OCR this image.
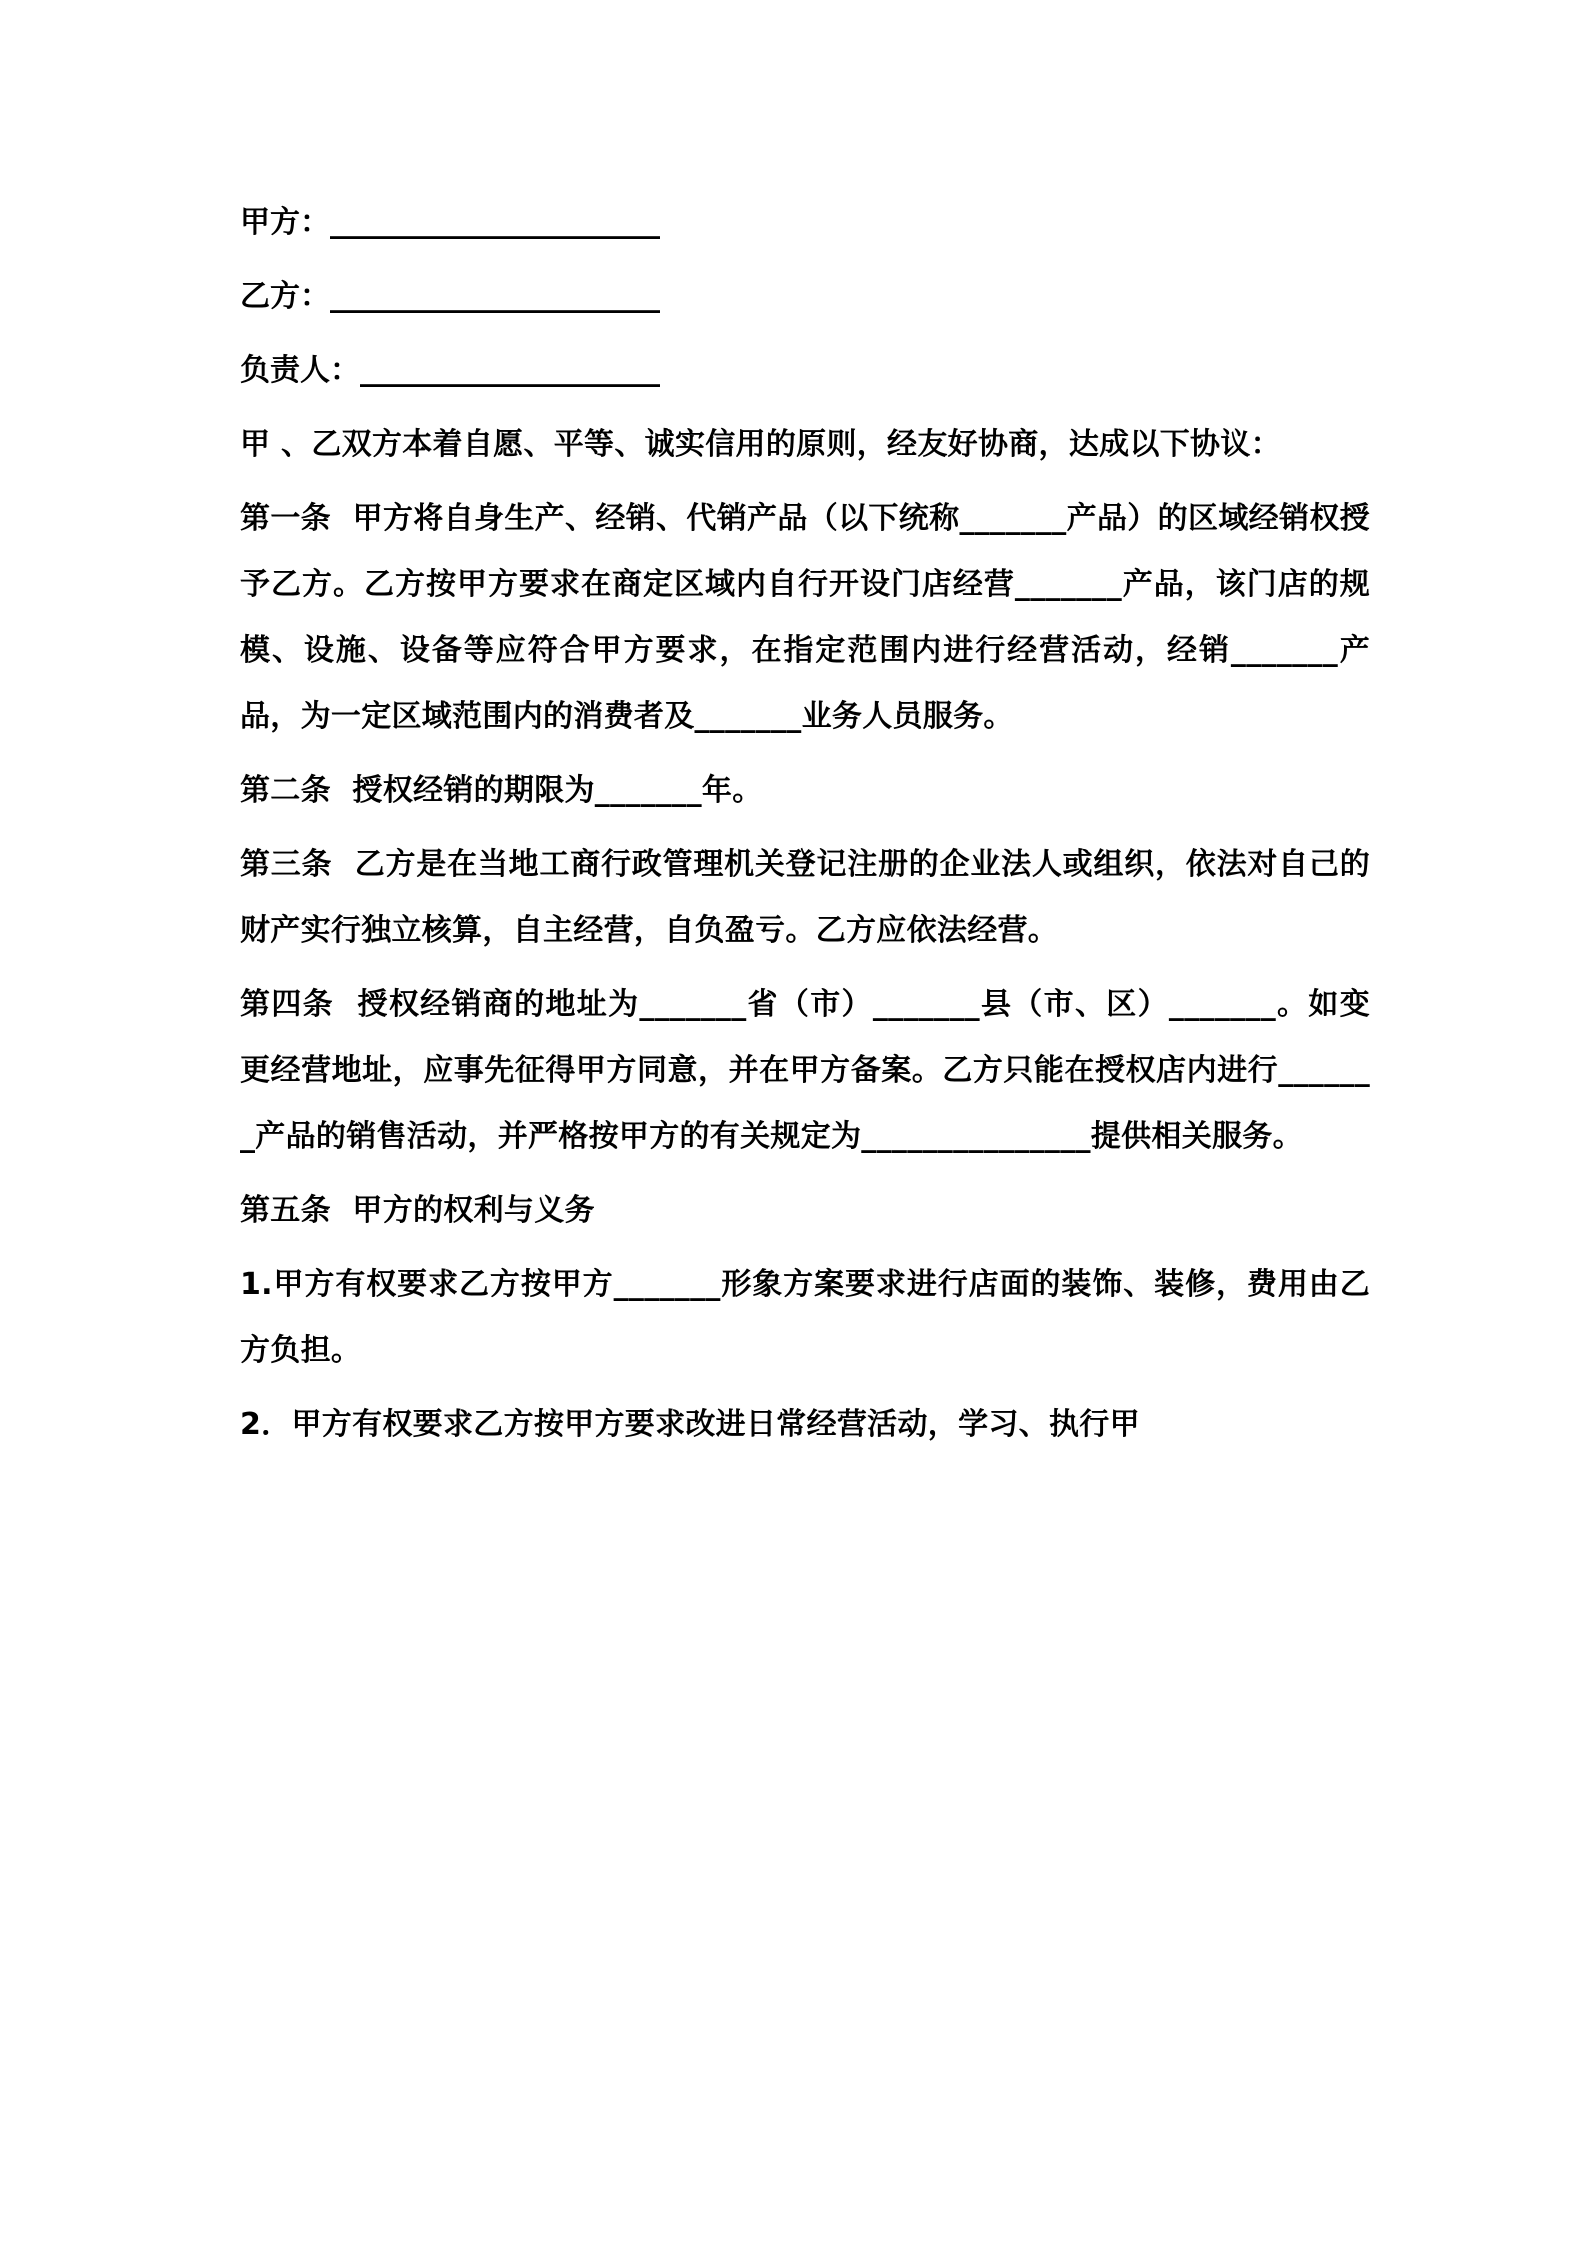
甲方：______________________

乙方：______________________

负责人：____________________

甲 、乙双方本着自愿、平等、诚实信用的原则，经友好协商，达成以下协议：

第一条  甲方将自身生产、经销、代销产品（以下统称_______产品）的区域经销权授予乙方。乙方按甲方要求在商定区域内自行开设门店经营_______产品，该门店的规模、设施、设备等应符合甲方要求，在指定范围内进行经营活动，经销_______产品，为一定区域范围内的消费者及_______业务人员服务。

第二条  授权经销的期限为_______年。

第三条  乙方是在当地工商行政管理机关登记注册的企业法人或组织，依法对自己的财产实行独立核算，自主经营，自负盈亏。乙方应依法经营。

第四条  授权经销商的地址为_______省（市）_______县（市、区）_______。如变更经营地址，应事先征得甲方同意，并在甲方备案。乙方只能在授权店内进行_______产品的销售活动，并严格按甲方的有关规定为_______________提供相关服务。

第五条  甲方的权利与义务

1.甲方有权要求乙方按甲方_______形象方案要求进行店面的装饰、装修，费用由乙方负担。

2．甲方有权要求乙方按甲方要求改进日常经营活动，学习、执行甲
